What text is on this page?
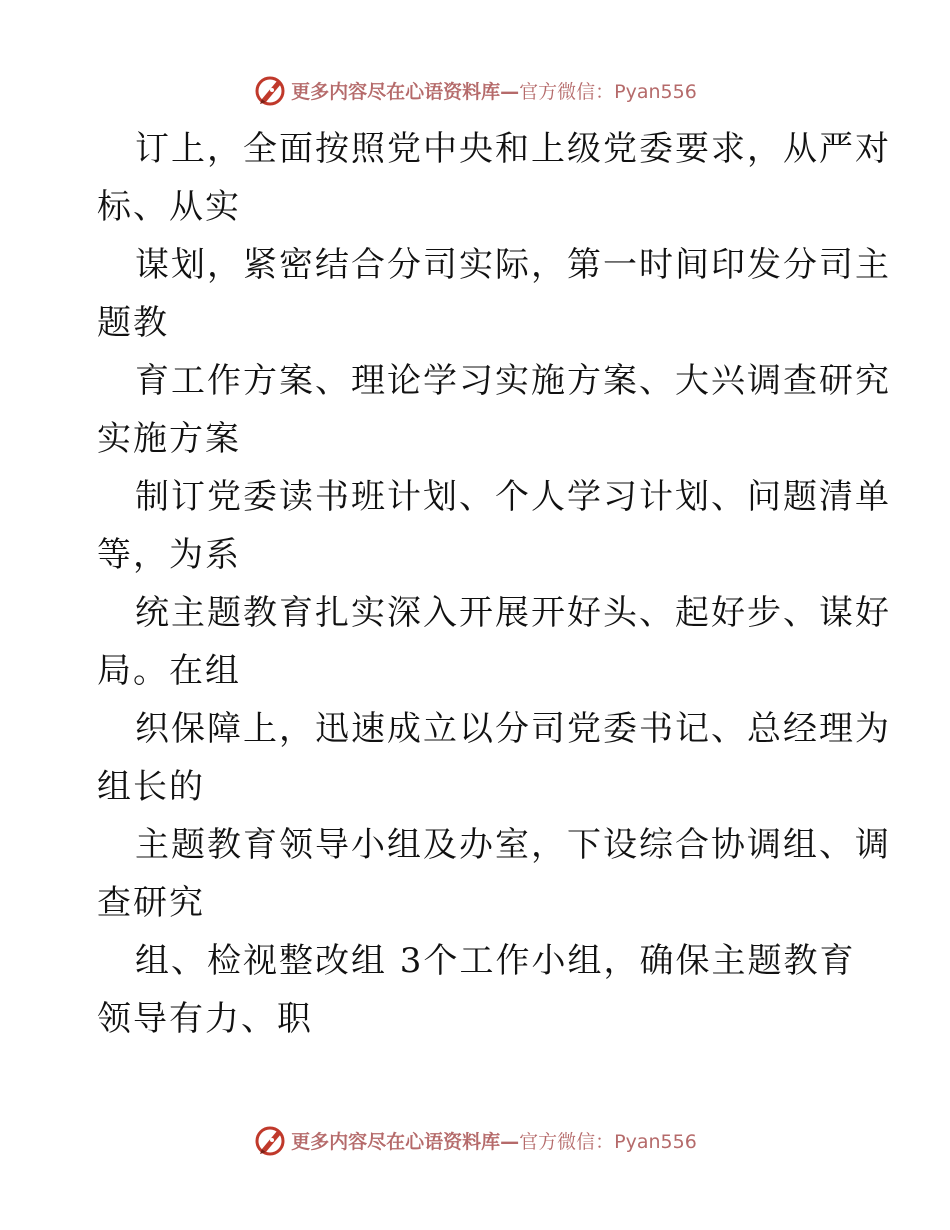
更多内容尽在心语资料库—官方微信：Pyan556
订上，全面按照党中央和上级党委要求，从严对
标、从实
谋划，紧密结合分司实际，第一时间印发分司主
题教
育工作方案、理论学习实施方案、大兴调查研究
实施方案
制订党委读书班计划、个人学习计划、问题清单
等，为系
统主题教育扎实深入开展开好头、起好步、谋好
局。在组
织保障上，迅速成立以分司党委书记、总经理为
组长的
主题教育领导小组及办室，下设综合协调组、调
查研究
组、检视整改组 3个工作小组，确保主题教育
领导有力、职
更多内容尽在心语资料库—官方微信：Pyan556
